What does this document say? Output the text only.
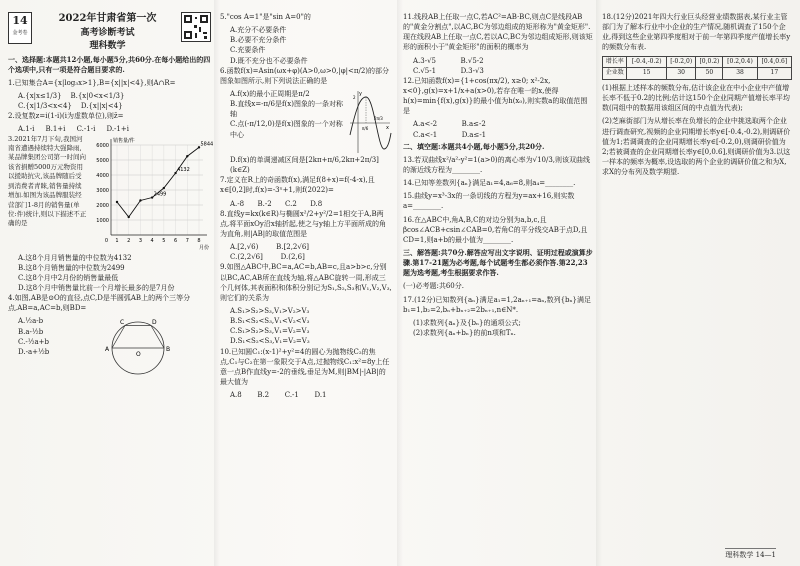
14
金考卷
2022年甘肃省第一次
高考诊断考试
理科数学
一、选择题:本题共12小题,每小题5分,共60分.在每小题给出的四个选项中,只有一项是符合题目要求的.
1.已知集合A={x|log₃x>1},B={x||x|<4},则A∩R=
A.{x|x≤1/3} B.{x|0<x<1/3}
C.{x|1/3<x<4} D.{x||x|<4}
2.设复数z=i(1-i)(i为虚数单位),则z̄=
A.1-i B.1+i C.-1-i D.-1+i
3.2021年7月下旬,我国河南省遭遇持续特大强降雨,某品牌集团公司第一时间向该省捐赠5000万元物资用以援助抗灾,该品牌随后受到消费者青睐,销售量持续增加.如图为该品牌服装经营部门1-8月的销售量(单位:件)统计,则以下描述不正确的是	1000
2000
3000
4000
5000
6000
1 2 3 4 5 6 7 8
销售量/件
月份
0
2499
4132
5844
A.这8个月月销售量的中位数为4132
B.这8个月销售量的中位数为2499
C.这8个月中2月份的销售量最低
D.这8个月中销售量比前一个月增长最多的是7月份
4.如图,AB是⊙O的直径,点C,D是半圆弧AB上的两个三等分点,AB=a,AC=b,则BD=
A.½a-b
B.a-½b
C.-½a+b
D.-a+½b	A	B
C	D
O
5."cos A=1"是"sin A=0"的
A.充分不必要条件
B.必要不充分条件
C.充要条件
D.既不充分也不必要条件
6.函数f(x)=Asin(ωx+φ)(A>0,ω>0,|φ|<π/2)的部分图象如图所示,则下列说法正确的是
A.f(x)的最小正周期是π/2
B.直线x=-π/6是f(x)图象的一条对称轴
C.点(-π/12,0)是f(x)图象的一个对称中心
y
x
π/6
2π/3
2
D.f(x)的单调递减区间是[2kπ+π/6,2kπ+2π/3](k∈Z)
7.定义在R上的奇函数f(x),满足f(8+x)=f(-4-x),且x∈[0,2]时,f(x)=-3ˣ+1,则f(2022)=
A.-8 B.-2 C.2 D.8
8.直线y=kx(k∈R)与椭圆x²/2+y²/2=1相交于A,B两点,将平面xOy沿x轴折起,使之与y轴上方平面所成的角为直角,则|AB|的取值范围是
A.[2,√6)	B.[2,2√6]
C.(2,2√6]	D.(2,6]
9.如图△ABC中,BC=a,AC=b,AB=c,且a>b>c,分别以BC,AC,AB所在直线为轴,将△ABC旋转一周,形成三个几何体,其表面积和体积分别记为S₁,S₂,S₃和V₁,V₂,V₃,则它们的关系为
A.S₁>S₂>S₃,V₁>V₂>V₃
B.S₁<S₂<S₃,V₁<V₂<V₃
C.S₁>S₂>S₃,V₁=V₂=V₃
D.S₁<S₂<S₃,V₁=V₂=V₃
10.已知圆C₁:(x-1)²+y²=4的圆心为抛物线C₂的焦点,C₁与C₂在第一象限交于A点,过抛物线C₁:x²=8y上任意一点B作直线y=-2的垂线,垂足为M,则|BM|-|AB|的最大值为
A.8 B.2 C.-1 D.1
11.线段AB上任取一点C,若AC²=AB·BC,则点C是线段AB的"黄金分割点",以AC,BC为邻边组成的矩形称为"黄金矩形".现在线段AB上任取一点C,若以AC,BC为邻边组成矩形,则该矩形的面积小于"黄金矩形"的面积的概率为
A.3-√5	B.√5-2
C.√5-1	D.3-√3
12.已知函数f(x)={1+cos(πx/2), x≥0; x²-2x, x<0},g(x)=x+1/x+a(x>0),若存在唯一的x,使得h(x)=min{f(x),g(x)}的最小值为h(x₀),则实数a的取值范围是
A.a<-2	B.a≤-2
C.a<-1	D.a≤-1
二、填空题:本题共4小题,每小题5分,共20分.
13.若双曲线x²/a²-y²=1(a>0)的离心率为√10/3,则该双曲线的渐近线方程为________.
14.已知等差数列{aₙ}满足a₁=4,a₆=8,则a₄=________.
15.曲线y=x³-3x的一条切线的方程为y=ax+16,则实数a=________.
16.在△ABC中,角A,B,C的对边分别为a,b,c,且βcos∠ACB+csin∠CAB=0,若角C的平分线交AB于点D,且CD=1,则a+b的最小值为________.
三、解答题:共70分.解答应写出文字说明、证明过程或演算步骤.第17-21题为必考题,每个试题考生都必须作答.第22,23题为选考题,考生根据要求作答.
(一)必考题:共60分.
17.(12分)已知数列{aₙ}满足a₁=1,2aₙ₊₁=aₙ,数列{bₙ}满足b₁=1,b₂=2,bₙ+bₙ₊₂=2bₙ₊₁,n∈N*.
(1)求数列{aₙ}及{bₙ}的通项公式;
(2)求数列{aₙ+bₙ}的前n项和Tₙ.
18.(12分)2021年四大行业巨头经营业绩数据表,某行业主管部门为了解本行业中小企业的生产情况,随机调查了150个企业,得到这些企业第四季度相对于前一年第四季度产值增长率y的频数分布表.
增长率	[-0.4,-0.2)	[-0.2,0)	[0,0.2)	[0.2,0.4)	[0.4,0.6]
企业数	15	30	50	38	17
(1)根据上述样本的频数分布,估计该企业在中小企业中产值增长率不低于0.2的比例;估计这150个企业同期产值增长率平均数(同组中的数据用该组区间的中点值为代表);
(2)芝麻街部门为从增长率在负增长的企业中挑选取两个企业进行调查研究,视频的企业同期增长率y∈[-0.4,-0.2),则调研价值为1;若调调查的企业同期增长率y∈[-0.2,0),则调研价值为2;若被调查的企业同期增长率y∈[0,0.6],则调研价值为3.以这一样本的频率为概率,设选取的两个企业的调研价值之和为X,求X的分布列及数学期望.
理科数学 14—1
